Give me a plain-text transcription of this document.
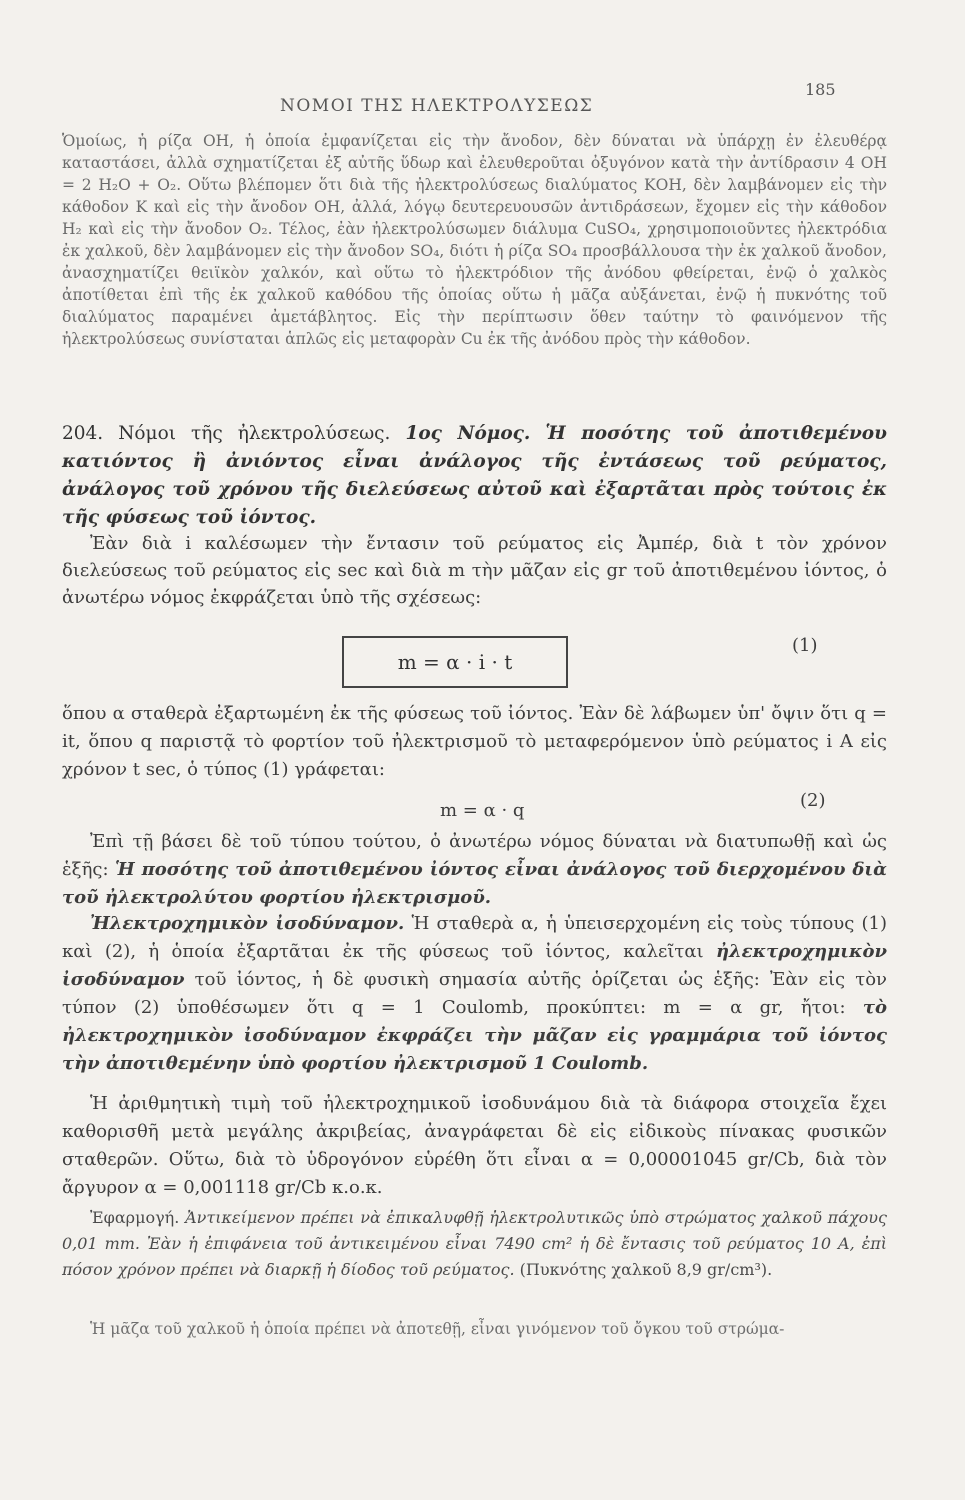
ΝΟΜΟΙ ΤΗΣ ΗΛΕΚΤΡΟΛΥΣΕΩΣ
185
Ὁμοίως, ἡ ρίζα ΟΗ, ἡ ὁποία ἐμφανίζεται εἰς τὴν ἄνοδον, δὲν δύναται νὰ ὑπάρχῃ ἐν ἐλευθέρᾳ καταστάσει, ἀλλὰ σχηματίζεται ἐξ αὐτῆς ὕδωρ καὶ ἐλευθεροῦται ὀξυγόνον κατὰ τὴν ἀντίδρασιν 4 ΟΗ = 2 H₂O + O₂. Οὕτω βλέπομεν ὅτι διὰ τῆς ἠλεκτρολύσεως διαλύματος ΚΟΗ, δὲν λαμβάνομεν εἰς τὴν κάθοδον Κ καὶ εἰς τὴν ἄνοδον ΟΗ, ἀλλά, λόγῳ δευτερευουσῶν ἀντιδράσεων, ἔχομεν εἰς τὴν κάθοδον H₂ καὶ εἰς τὴν ἄνοδον O₂. Τέλος, ἐὰν ἠλεκτρολύσωμεν διάλυμα CuSO₄, χρησιμοποιοῦντες ἠλεκτρόδια ἐκ χαλκοῦ, δὲν λαμβάνομεν εἰς τὴν ἄνοδον SO₄, διότι ἡ ρίζα SO₄ προσβάλλουσα τὴν ἐκ χαλκοῦ ἄνοδον, ἀνασχηματίζει θειϊκὸν χαλκόν, καὶ οὕτω τὸ ἠλεκτρόδιον τῆς ἀνόδου φθείρεται, ἐνῷ ὁ χαλκὸς ἀποτίθεται ἐπὶ τῆς ἐκ χαλκοῦ καθόδου τῆς ὁποίας οὕτω ἡ μᾶζα αὐξάνεται, ἐνῷ ἡ πυκνότης τοῦ διαλύματος παραμένει ἀμετάβλητος. Εἰς τὴν περίπτωσιν ὅθεν ταύτην τὸ φαινόμενον τῆς ἠλεκτρολύσεως συνίσταται ἁπλῶς εἰς μεταφορὰν Cu ἐκ τῆς ἀνόδου πρὸς τὴν κάθοδον.
204. Νόμοι τῆς ἠλεκτρολύσεως. 1ος Νόμος. Ἡ ποσότης τοῦ ἀποτιθεμένου κατιόντος ἢ ἀνιόντος εἶναι ἀνάλογος τῆς ἐντάσεως τοῦ ρεύματος, ἀνάλογος τοῦ χρόνου τῆς διελεύσεως αὐτοῦ καὶ ἐξαρτᾶται πρὸς τούτοις ἐκ τῆς φύσεως τοῦ ἰόντος.
Ἐὰν διὰ i καλέσωμεν τὴν ἔντασιν τοῦ ρεύματος εἰς Ἀμπέρ, διὰ t τὸν χρόνον διελεύσεως τοῦ ρεύματος εἰς sec καὶ διὰ m τὴν μᾶζαν εἰς gr τοῦ ἀποτιθεμένου ἰόντος, ὁ ἀνωτέρω νόμος ἐκφράζεται ὑπὸ τῆς σχέσεως:
m = α · i · t
(1)
ὅπου α σταθερὰ ἐξαρτωμένη ἐκ τῆς φύσεως τοῦ ἰόντος. Ἐὰν δὲ λάβωμεν ὑπ' ὄψιν ὅτι q = it, ὅπου q παριστᾷ τὸ φορτίον τοῦ ἠλεκτρισμοῦ τὸ μεταφερόμενον ὑπὸ ρεύματος i A εἰς χρόνον t sec, ὁ τύπος (1) γράφεται:
m = α · q	(2)
Ἐπὶ τῇ βάσει δὲ τοῦ τύπου τούτου, ὁ ἀνωτέρω νόμος δύναται νὰ διατυπωθῇ καὶ ὡς ἑξῆς: Ἡ ποσότης τοῦ ἀποτιθεμένου ἰόντος εἶναι ἀνάλογος τοῦ διερχομένου διὰ τοῦ ἠλεκτρολύτου φορτίου ἠλεκτρισμοῦ.
Ἠλεκτροχημικὸν ἰσοδύναμον. Ἡ σταθερὰ α, ἡ ὑπεισερχομένη εἰς τοὺς τύπους (1) καὶ (2), ἡ ὁποία ἐξαρτᾶται ἐκ τῆς φύσεως τοῦ ἰόντος, καλεῖται ἠλεκτροχημικὸν ἰσοδύναμον τοῦ ἰόντος, ἡ δὲ φυσικὴ σημασία αὐτῆς ὁρίζεται ὡς ἑξῆς: Ἐὰν εἰς τὸν τύπον (2) ὑποθέσωμεν ὅτι q = 1 Coulomb, προκύπτει: m = α gr, ἤτοι: τὸ ἠλεκτροχημικὸν ἰσοδύναμον ἐκφράζει τὴν μᾶζαν εἰς γραμμάρια τοῦ ἰόντος τὴν ἀποτιθεμένην ὑπὸ φορτίου ἠλεκτρισμοῦ 1 Coulomb.
Ἡ ἀριθμητικὴ τιμὴ τοῦ ἠλεκτροχημικοῦ ἰσοδυνάμου διὰ τὰ διάφορα στοιχεῖα ἔχει καθορισθῆ μετὰ μεγάλης ἀκριβείας, ἀναγράφεται δὲ εἰς εἰδικοὺς πίνακας φυσικῶν σταθερῶν. Οὕτω, διὰ τὸ ὑδρογόνον εὑρέθη ὅτι εἶναι α = 0,00001045 gr/Cb, διὰ τὸν ἄργυρον α = 0,001118 gr/Cb κ.ο.κ.
Ἐφαρμογή. Ἀντικείμενον πρέπει νὰ ἐπικαλυφθῇ ἠλεκτρολυτικῶς ὑπὸ στρώματος χαλκοῦ πάχους 0,01 mm. Ἐὰν ἡ ἐπιφάνεια τοῦ ἀντικειμένου εἶναι 7490 cm² ἡ δὲ ἔντασις τοῦ ρεύματος 10 A, ἐπὶ πόσον χρόνον πρέπει νὰ διαρκῇ ἡ δίοδος τοῦ ρεύματος. (Πυκνότης χαλκοῦ 8,9 gr/cm³).
Ἡ μᾶζα τοῦ χαλκοῦ ἡ ὁποία πρέπει νὰ ἀποτεθῇ, εἶναι γινόμενον τοῦ ὄγκου τοῦ στρώμα-
